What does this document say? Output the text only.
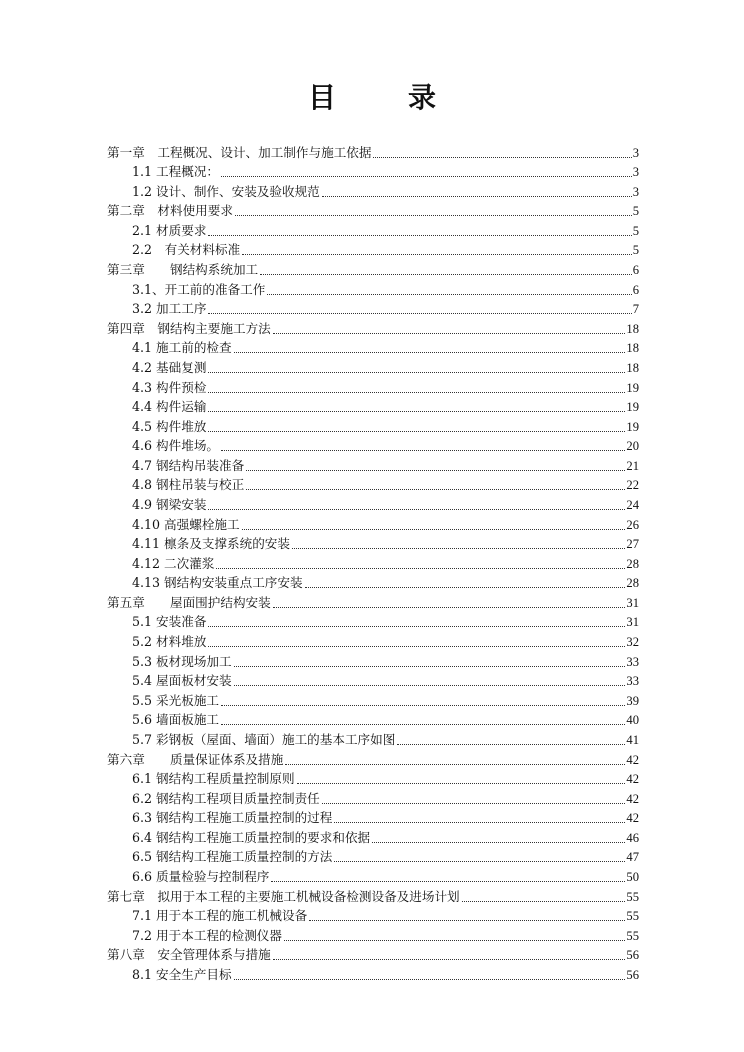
目　录
第一章　工程概况、设计、加工制作与施工依据	3
1.1 工程概况：	3
1.2 设计、制作、安装及验收规范	3
第二章　材料使用要求	5
2.1 材质要求	5
2.2　有关材料标准	5
第三章　　钢结构系统加工	6
3.1、开工前的准备工作	6
3.2 加工工序	7
第四章　钢结构主要施工方法	18
4.1 施工前的检查	18
4.2 基础复测	18
4.3 构件预检	19
4.4 构件运输	19
4.5 构件堆放	19
4.6 构件堆场。	20
4.7 钢结构吊装准备	21
4.8 钢柱吊装与校正	22
4.9 钢梁安装	24
4.10 高强螺栓施工	26
4.11 檩条及支撑系统的安装	27
4.12 二次灌浆	28
4.13 钢结构安装重点工序安装	28
第五章　　屋面围护结构安装	31
5.1 安装准备	31
5.2 材料堆放	32
5.3 板材现场加工	33
5.4 屋面板材安装	33
5.5 采光板施工	39
5.6 墙面板施工	40
5.7 彩钢板（屋面、墙面）施工的基本工序如图	41
第六章　　质量保证体系及措施	42
6.1 钢结构工程质量控制原则	42
6.2 钢结构工程项目质量控制责任	42
6.3 钢结构工程施工质量控制的过程	42
6.4 钢结构工程施工质量控制的要求和依据	46
6.5 钢结构工程施工质量控制的方法	47
6.6 质量检验与控制程序	50
第七章　拟用于本工程的主要施工机械设备检测设备及进场计划	55
7.1 用于本工程的施工机械设备	55
7.2 用于本工程的检测仪器	55
第八章　安全管理体系与措施	56
8.1 安全生产目标	56
